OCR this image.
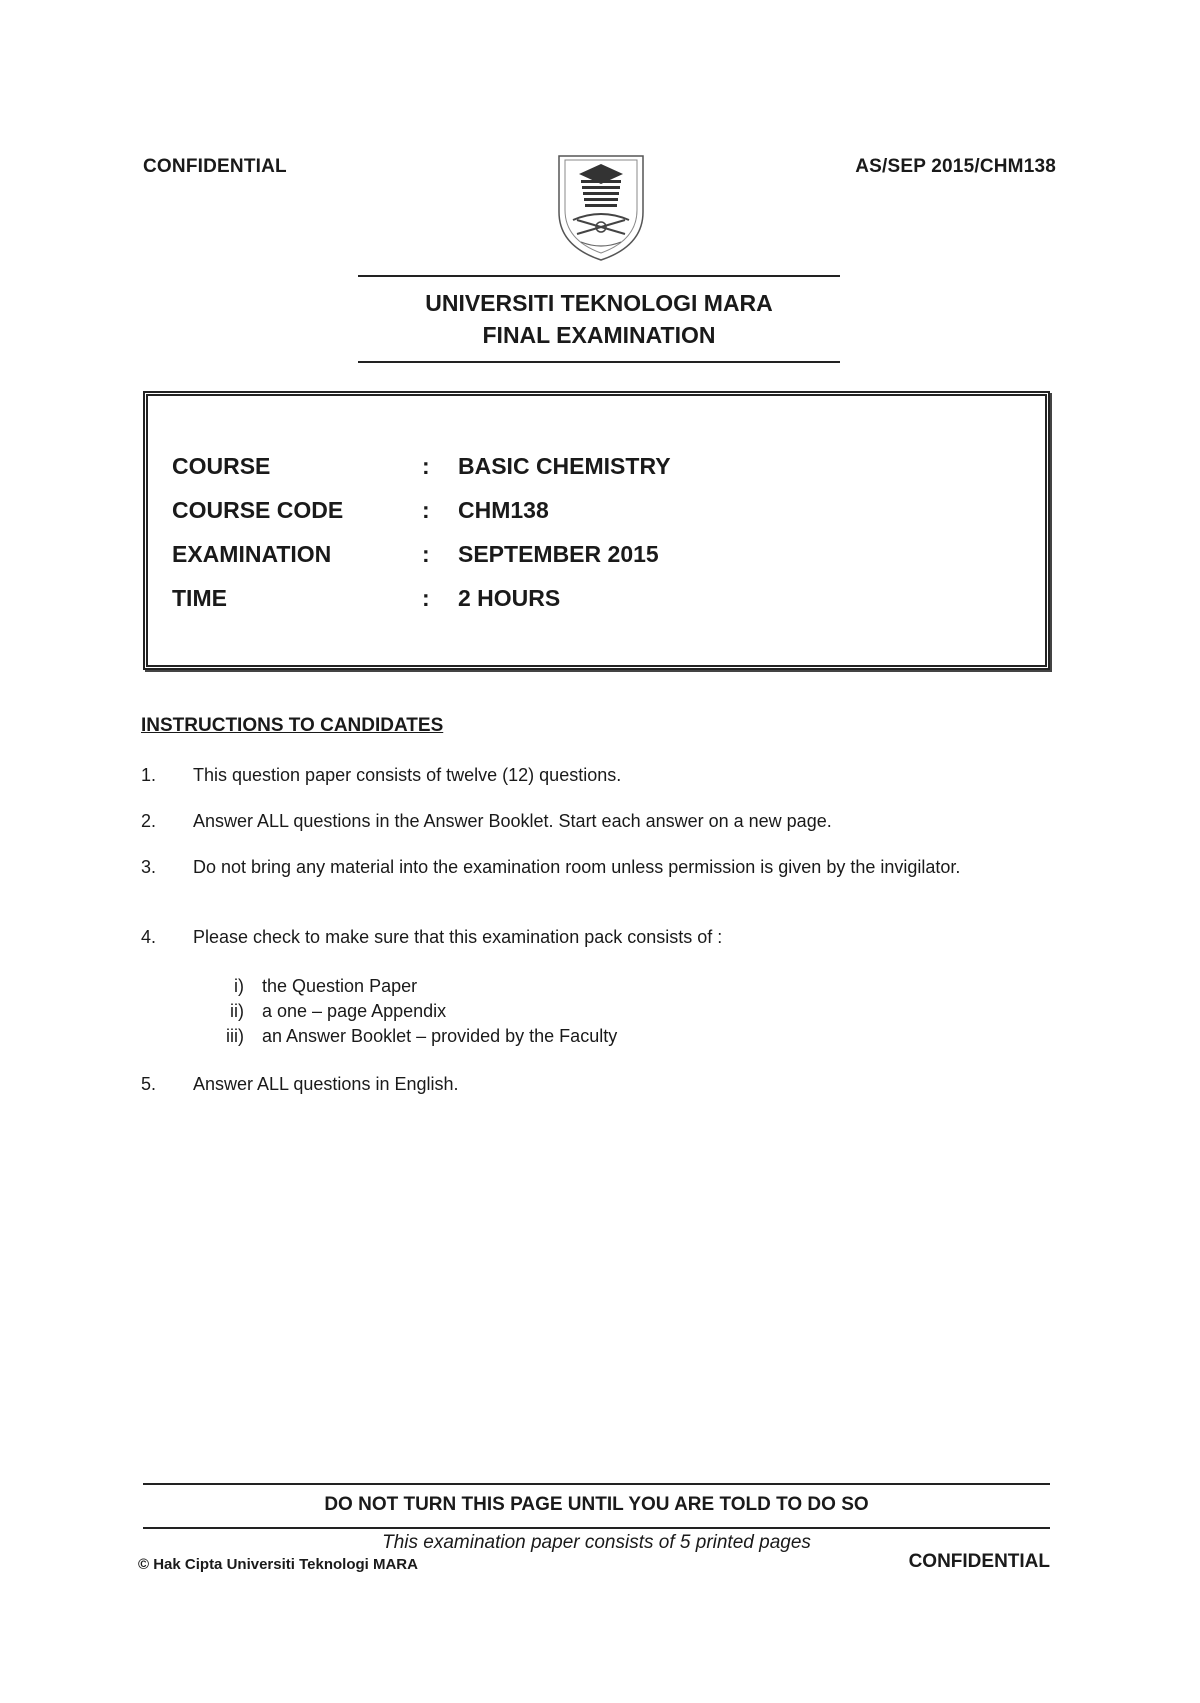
CONFIDENTIAL	AS/SEP 2015/CHM138
UNIVERSITI TEKNOLOGI MARA
FINAL EXAMINATION
COURSE	:	BASIC CHEMISTRY
COURSE CODE	:	CHM138
EXAMINATION	:	SEPTEMBER 2015
TIME	:	2 HOURS
INSTRUCTIONS TO CANDIDATES
1.	This question paper consists of twelve (12) questions.
2.	Answer ALL questions in the Answer Booklet. Start each answer on a new page.
3.	Do not bring any material into the examination room unless permission is given by the invigilator.
4.	Please check to make sure that this examination pack consists of :
i)	the Question Paper
ii)	a one – page Appendix
iii)	an Answer Booklet – provided by the Faculty
5.	Answer ALL questions in English.
DO NOT TURN THIS PAGE UNTIL YOU ARE TOLD TO DO SO
This examination paper consists of 5 printed pages
© Hak Cipta Universiti Teknologi MARA	CONFIDENTIAL
